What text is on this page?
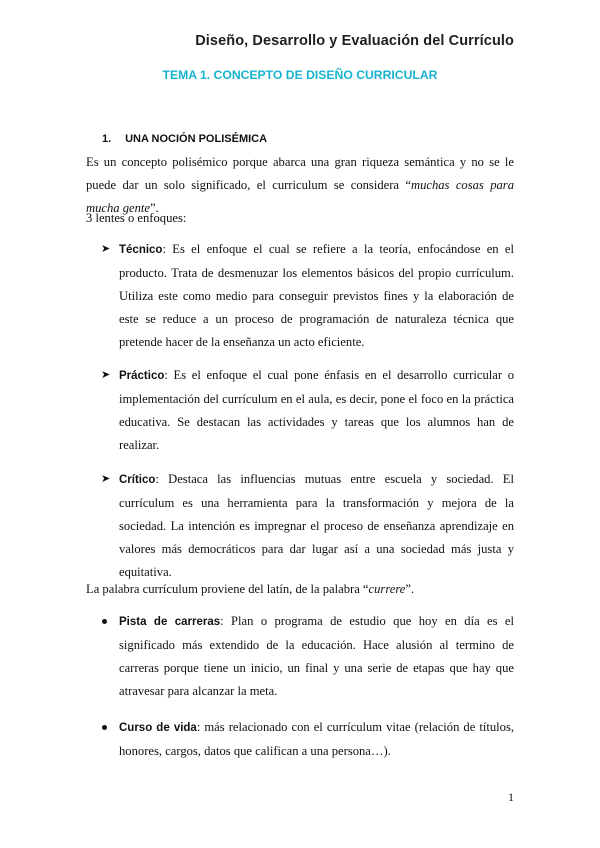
Diseño, Desarrollo y Evaluación del Currículo
TEMA 1. CONCEPTO DE DISEÑO CURRICULAR
1. UNA NOCIÓN POLISÉMICA
Es un concepto polisémico porque abarca una gran riqueza semántica y no se le puede dar un solo significado, el curriculum se considera “muchas cosas para mucha gente”.
3 lentes o enfoques:
➤ Técnico: Es el enfoque el cual se refiere a la teoría, enfocándose en el producto. Trata de desmenuzar los elementos básicos del propio currículum. Utiliza este como medio para conseguir previstos fines y la elaboración de este se reduce a un proceso de programación de naturaleza técnica que pretende hacer de la enseñanza un acto eficiente.
➤ Práctico: Es el enfoque el cual pone énfasis en el desarrollo curricular o implementación del currículum en el aula, es decir, pone el foco en la práctica educativa. Se destacan las actividades y tareas que los alumnos han de realizar.
➤ Crítico: Destaca las influencias mutuas entre escuela y sociedad. El currículum es una herramienta para la transformación y mejora de la sociedad. La intención es impregnar el proceso de enseñanza aprendizaje en valores más democráticos para dar lugar así a una sociedad más justa y equitativa.
La palabra currículum proviene del latín, de la palabra “currere”.
Pista de carreras: Plan o programa de estudio que hoy en día es el significado más extendido de la educación. Hace alusión al termino de carreras porque tiene un inicio, un final y una serie de etapas que hay que atravesar para alcanzar la meta.
Curso de vida: más relacionado con el currículum vitae (relación de títulos, honores, cargos, datos que califican a una persona…).
1
